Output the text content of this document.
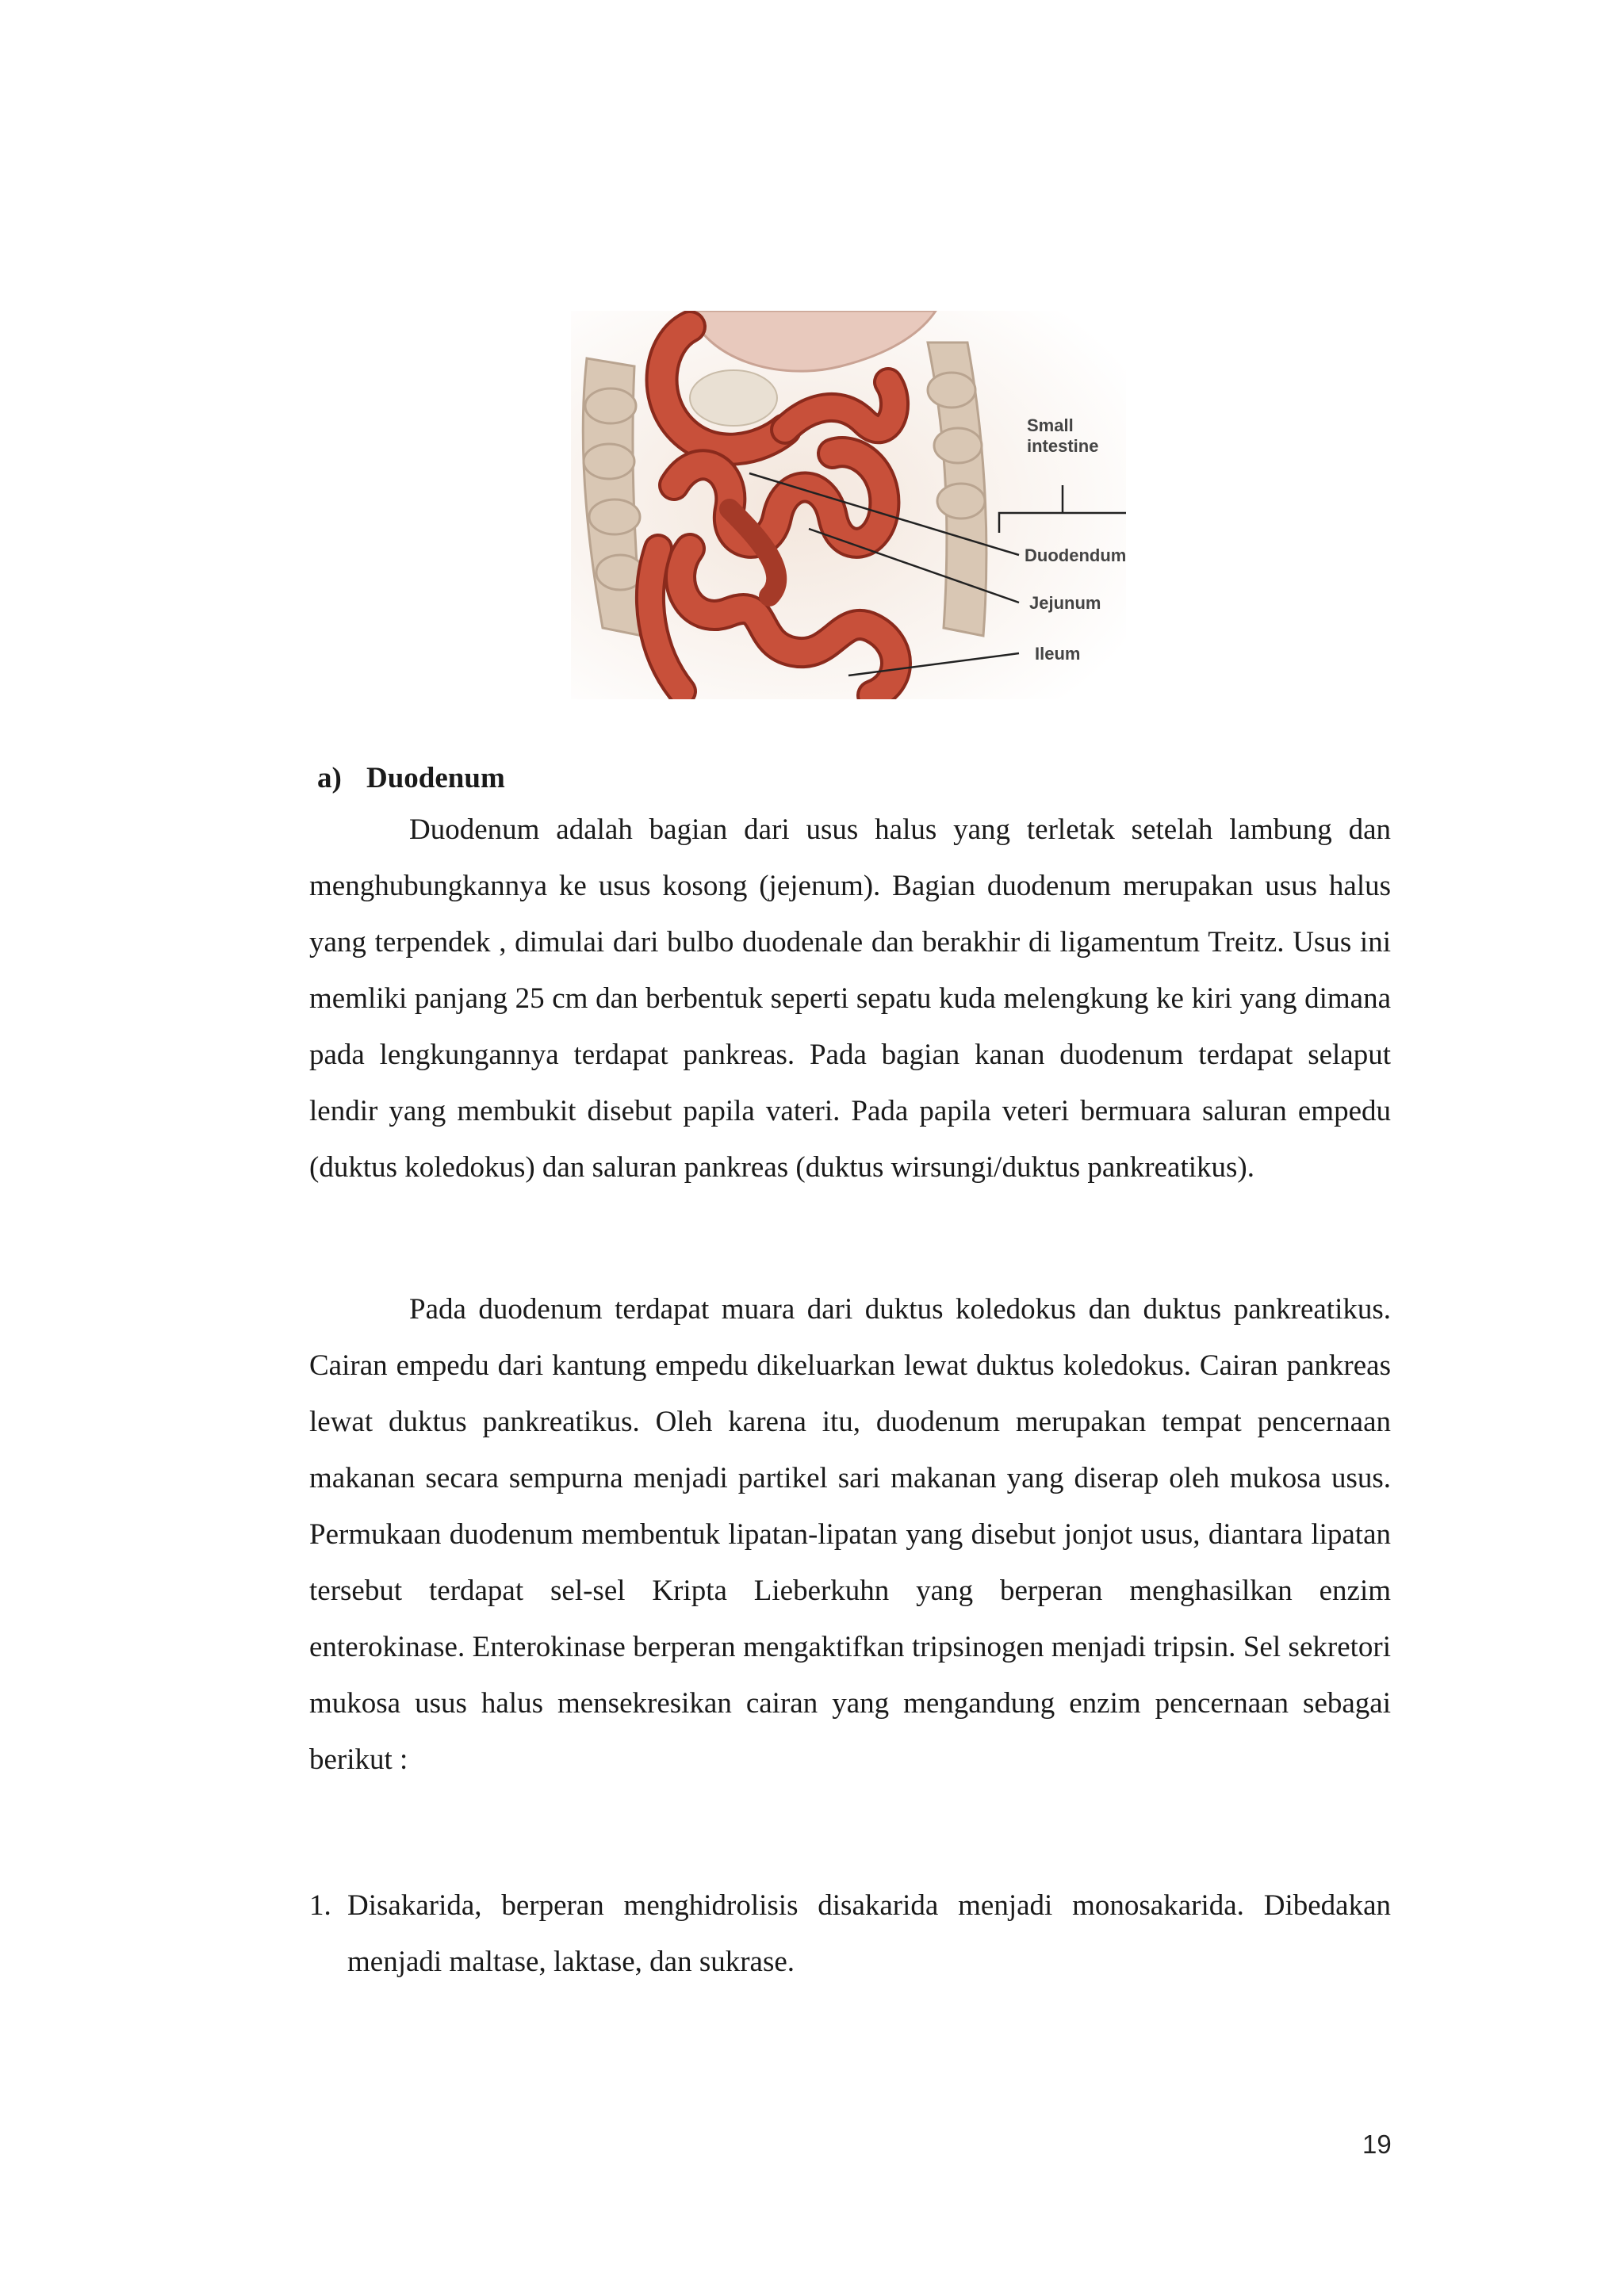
Small
intestine
Duodendum
Jejunum
Ileum
a) Duodenum

Duodenum adalah bagian dari usus halus yang terletak setelah lambung dan menghubungkannya ke usus kosong (jejenum). Bagian duodenum merupakan usus halus yang terpendek , dimulai dari bulbo duodenale dan berakhir di ligamentum Treitz. Usus ini memliki panjang 25 cm dan berbentuk seperti sepatu kuda melengkung ke kiri yang dimana pada lengkungannya terdapat pankreas. Pada bagian kanan duodenum terdapat selaput lendir yang membukit disebut papila vateri. Pada papila veteri bermuara saluran empedu (duktus koledokus) dan saluran pankreas (duktus wirsungi/duktus pankreatikus).

Pada duodenum terdapat muara dari duktus koledokus dan duktus pankreatikus. Cairan empedu dari kantung empedu dikeluarkan lewat duktus koledokus. Cairan pankreas lewat duktus pankreatikus. Oleh karena itu, duodenum merupakan tempat pencernaan makanan secara sempurna menjadi partikel sari makanan yang diserap oleh mukosa usus. Permukaan duodenum membentuk lipatan-lipatan yang disebut jonjot usus, diantara lipatan tersebut terdapat sel-sel Kripta Lieberkuhn yang berperan menghasilkan enzim enterokinase. Enterokinase berperan mengaktifkan tripsinogen menjadi tripsin. Sel sekretori mukosa usus halus mensekresikan cairan yang mengandung enzim pencernaan sebagai berikut :

1. Disakarida, berperan menghidrolisis disakarida menjadi monosakarida. Dibedakan menjadi maltase, laktase, dan sukrase.
19
